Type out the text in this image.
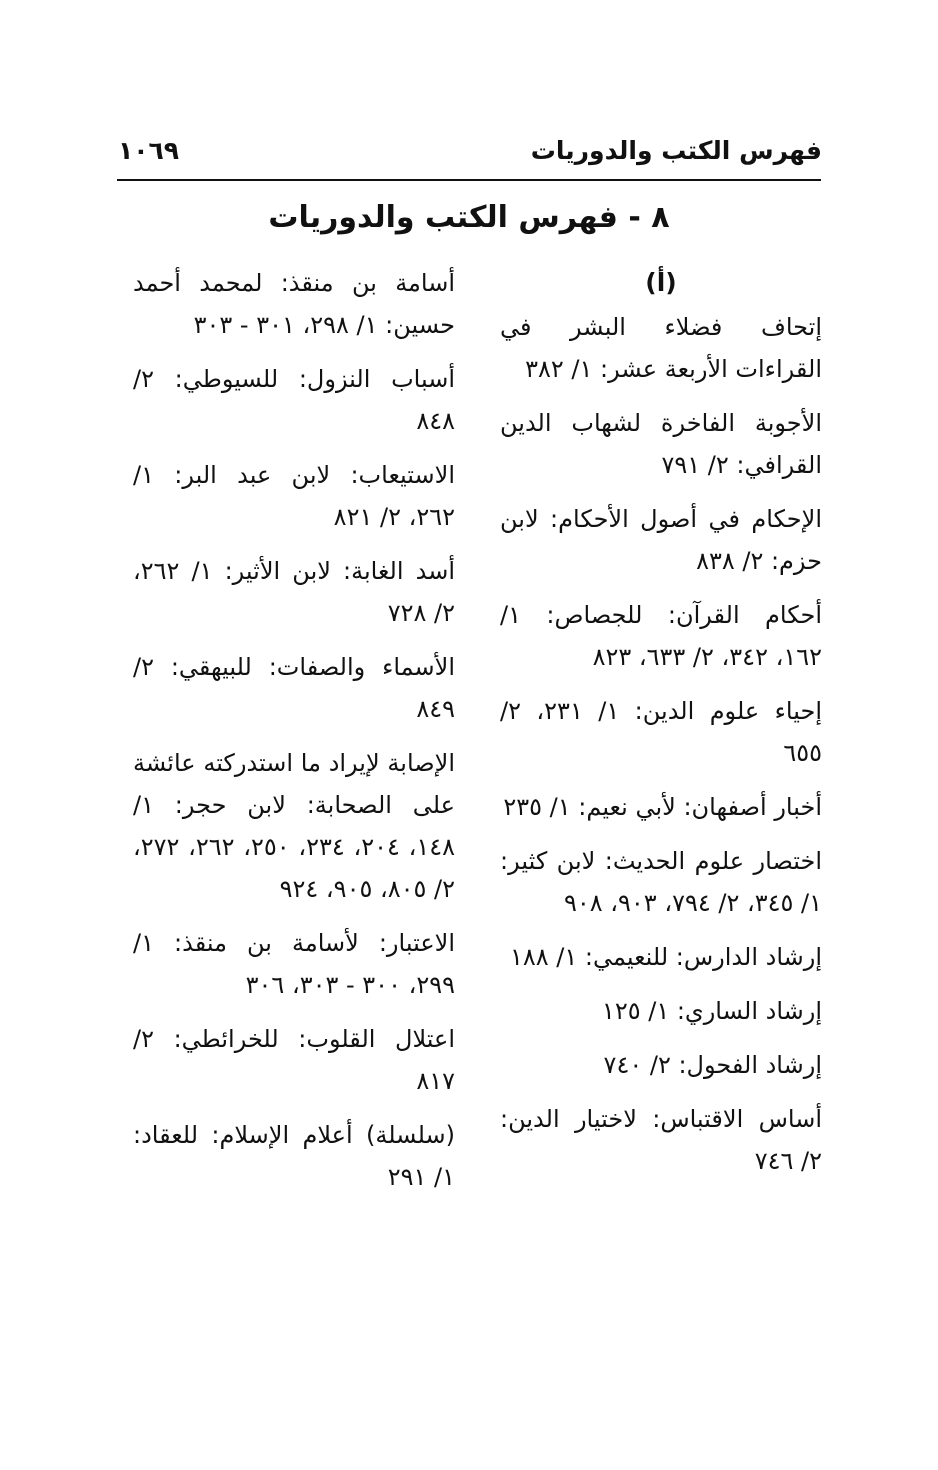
فهرس الكتب والدوريات
١٠٦٩
٨ - فهرس الكتب والدوريات
(أ)
إتحاف فضلاء البشر في القراءات الأربعة عشر: ١/ ٣٨٢
الأجوبة الفاخرة لشهاب الدين القرافي: ٢/ ٧٩١
الإحكام في أصول الأحكام: لابن حزم: ٢/ ٨٣٨
أحكام القرآن: للجصاص: ١/ ١٦٢، ٣٤٢، ٢/ ٦٣٣، ٨٢٣
إحياء علوم الدين: ١/ ٢٣١، ٢/ ٦٥٥
أخبار أصفهان: لأبي نعيم: ١/ ٢٣٥
اختصار علوم الحديث: لابن كثير: ١/ ٣٤٥، ٢/ ٧٩٤، ٩٠٣، ٩٠٨
إرشاد الدارس: للنعيمي: ١/ ١٨٨
إرشاد الساري: ١/ ١٢٥
إرشاد الفحول: ٢/ ٧٤٠
أساس الاقتباس: لاختيار الدين: ٢/ ٧٤٦
أسامة بن منقذ: لمحمد أحمد حسين: ١/ ٢٩٨، ٣٠١ - ٣٠٣
أسباب النزول: للسيوطي: ٢/ ٨٤٨
الاستيعاب: لابن عبد البر: ١/ ٢٦٢، ٢/ ٨٢١
أسد الغابة: لابن الأثير: ١/ ٢٦٢، ٢/ ٧٢٨
الأسماء والصفات: للبيهقي: ٢/ ٨٤٩
الإصابة لإيراد ما استدركته عائشة على الصحابة: لابن حجر: ١/ ١٤٨، ٢٠٤، ٢٣٤، ٢٥٠، ٢٦٢، ٢٧٢، ٢/ ٨٠٥، ٩٠٥، ٩٢٤
الاعتبار: لأسامة بن منقذ: ١/ ٢٩٩، ٣٠٠ - ٣٠٣، ٣٠٦
اعتلال القلوب: للخرائطي: ٢/ ٨١٧
(سلسلة) أعلام الإسلام: للعقاد: ١/ ٢٩١
